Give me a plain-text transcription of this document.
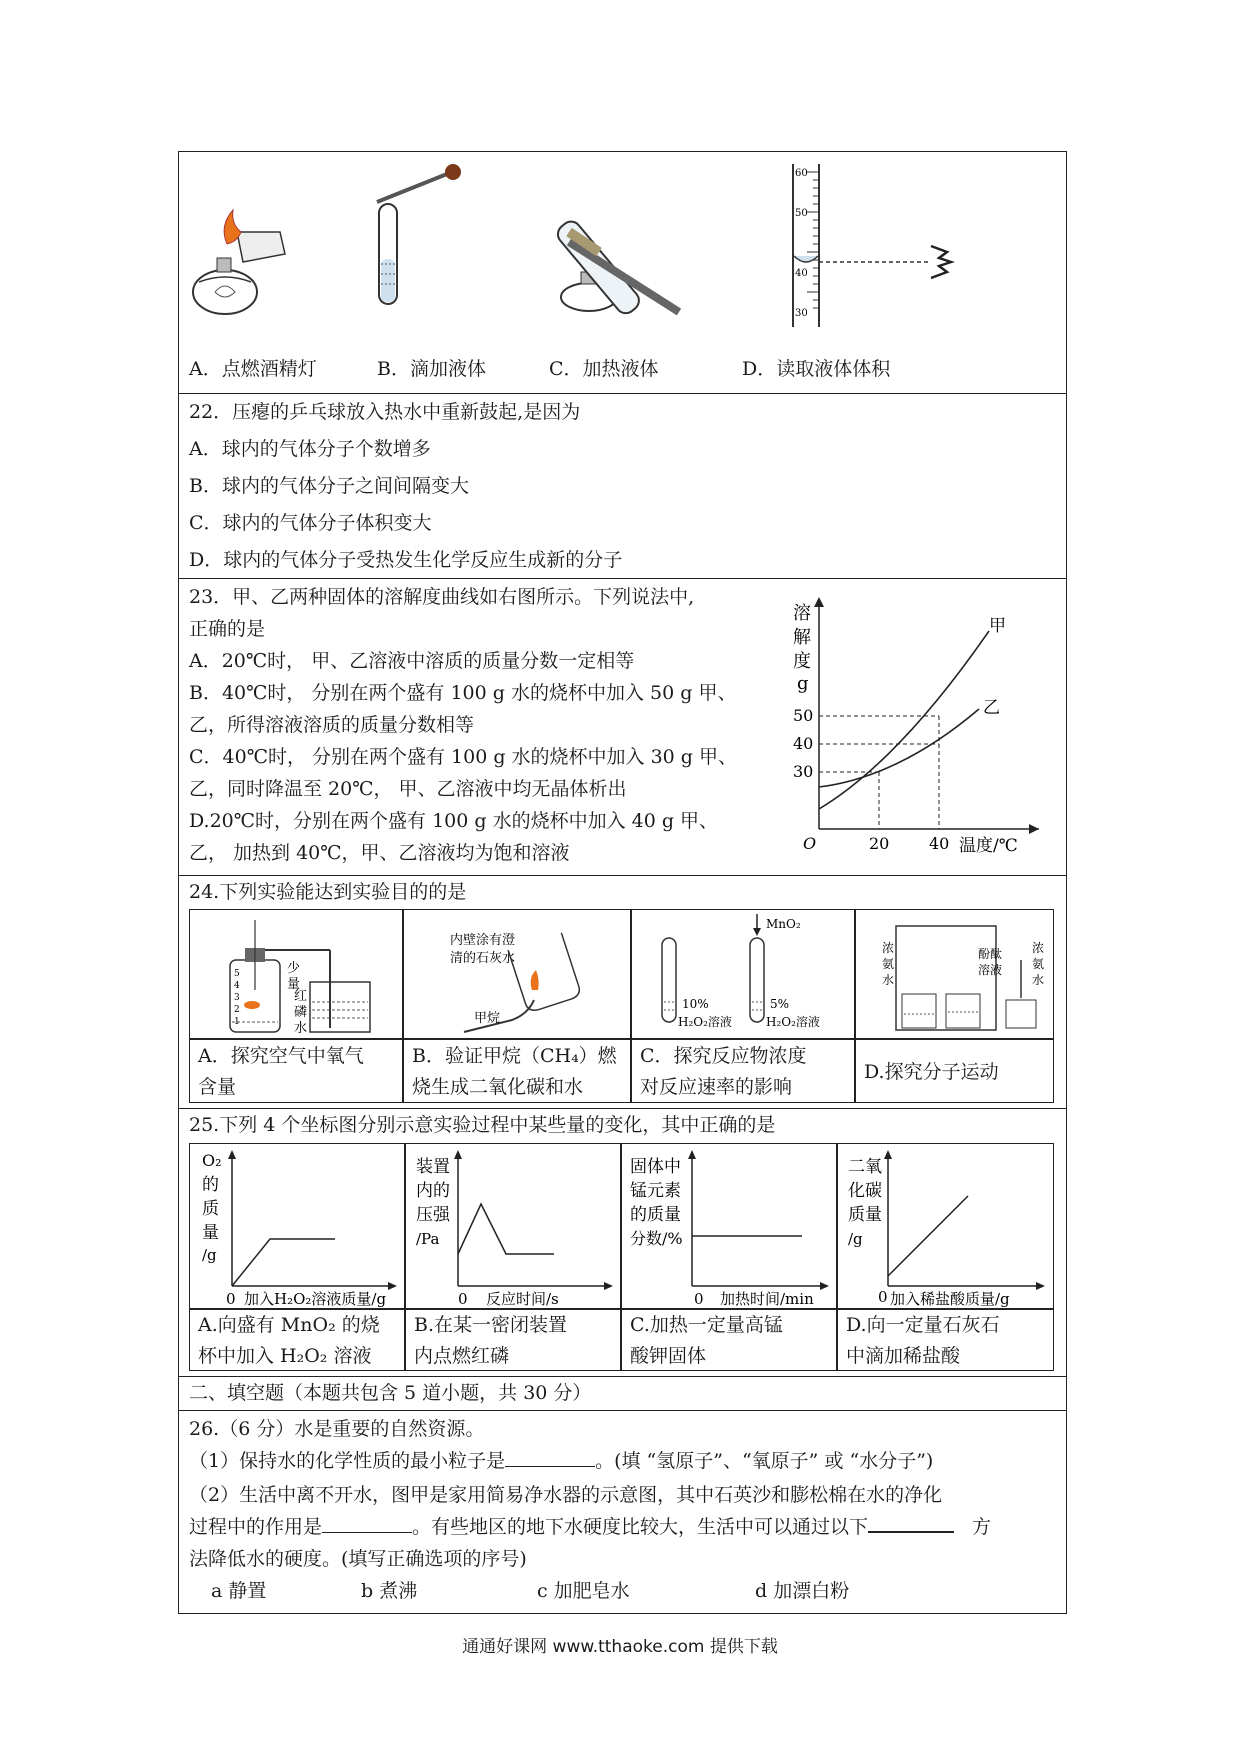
60
50
40
30
A．点燃酒精灯	B．滴加液体	C．加热液体	D．读取液体体积
22．压瘪的乒乓球放入热水中重新鼓起,是因为
A．球内的气体分子个数增多
B．球内的气体分子之间间隔变大
C．球内的气体分子体积变大
D．球内的气体分子受热发生化学反应生成新的分子
23．甲、乙两种固体的溶解度曲线如右图所示。下列说法中,
正确的是
A．20℃时， 甲、乙溶液中溶质的质量分数一定相等
B．40℃时， 分别在两个盛有 100 g 水的烧杯中加入 50 g 甲、
乙，所得溶液溶质的质量分数相等
C．40℃时， 分别在两个盛有 100 g 水的烧杯中加入 30 g 甲、
乙，同时降温至 20℃， 甲、乙溶液中均无晶体析出
D.20℃时，分别在两个盛有 100 g 水的烧杯中加入 40 g 甲、
乙， 加热到 40℃，甲、乙溶液均为饱和溶液
溶
解
度
g
50
40
30
甲
乙
O	20 40 温度/℃
24.下列实验能达到实验目的的是
5
4
3
2
1
少
量
红
磷
水
内壁涂有澄
清的石灰水
甲烷
MnO₂
10%
H₂O₂溶液
5%
H₂O₂溶液
浓
氨
水
酚酞
溶液
浓
氨
水
A．探究空气中氧气
含量
B．验证甲烷（CH₄）燃
烧生成二氧化碳和水
C．探究反应物浓度
对反应速率的影响
D.探究分子运动
25.下列 4 个坐标图分别示意实验过程中某些量的变化，其中正确的是
O₂
的
质
量
/g
0 加入H₂O₂溶液质量/g
装置
内的
压强
/Pa
0 反应时间/s
固体中
锰元素
的质量
分数/%
0 加热时间/min
二氧
化碳
质量
/g
0 加入稀盐酸质量/g
A.向盛有 MnO₂ 的烧
杯中加入 H₂O₂ 溶液
B.在某一密闭装置
内点燃红磷
C.加热一定量高锰
酸钾固体
D.向一定量石灰石
中滴加稀盐酸
二、填空题（本题共包含 5 道小题，共 30 分）
26.（6 分）水是重要的自然资源。
（1）保持水的化学性质的最小粒子是	。(填 “氢原子”、“氧原子” 或 “水分子”)
（2）生活中离不开水，图甲是家用简易净水器的示意图，其中石英沙和膨松棉在水的净化
过程中的作用是	。有些地区的地下水硬度比较大，生活中可以通过以下	方
法降低水的硬度。(填写正确选项的序号)
a 静置	b 煮沸	c 加肥皂水	d 加漂白粉
通通好课网 www.tthaoke.com 提供下载
